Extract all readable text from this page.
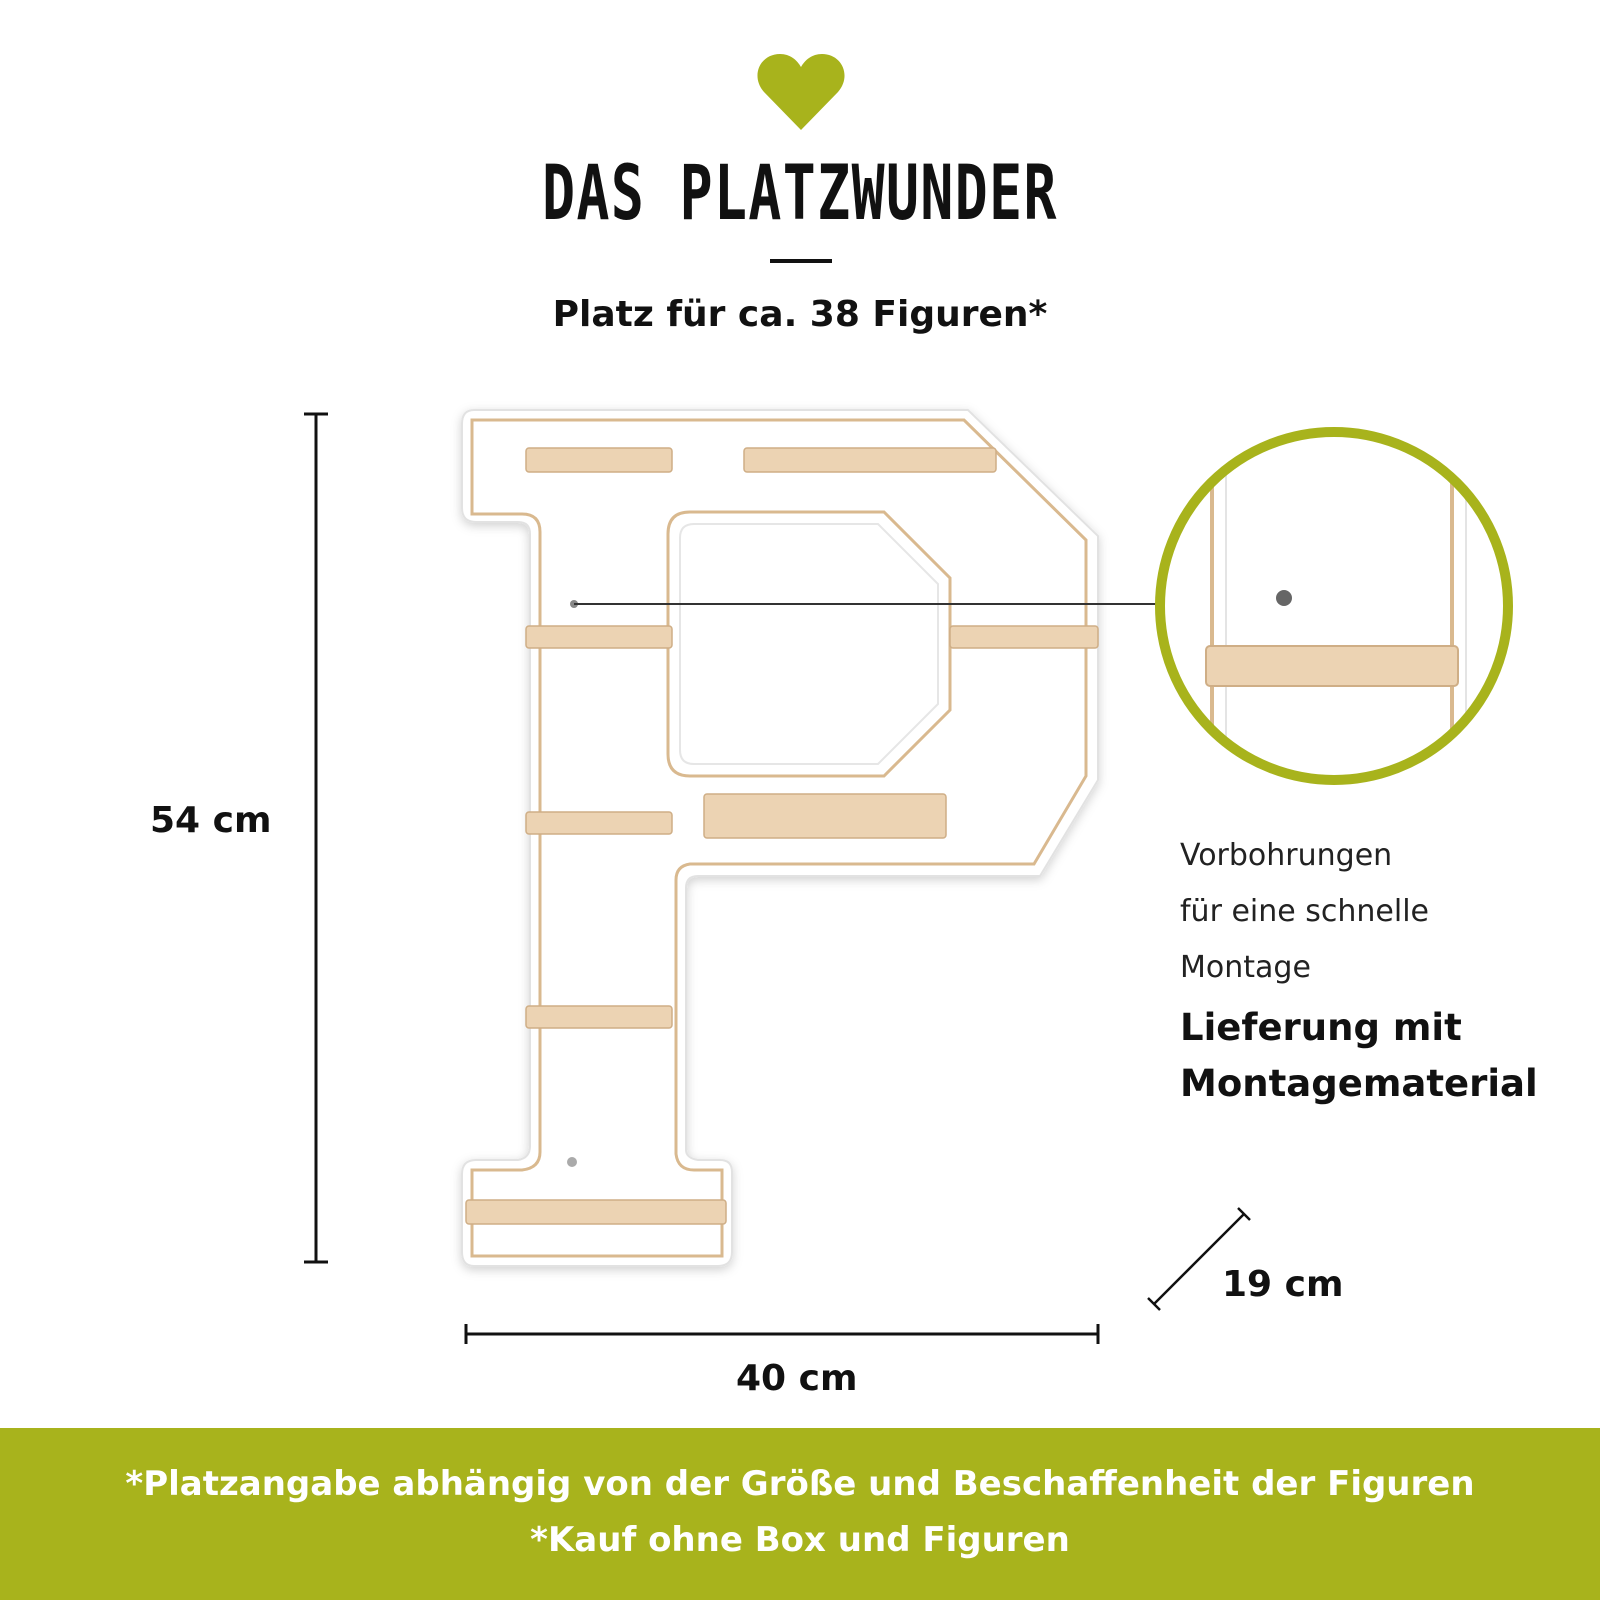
DAS PLATZWUNDER
Platz für ca. 38 Figuren*
54 cm
40 cm
19 cm
Vorbohrungen
für eine schnelle
Montage
Lieferung mit
Montagematerial
*Platzangabe abhängig von der Größe und Beschaffenheit der Figuren
*Kauf ohne Box und Figuren
